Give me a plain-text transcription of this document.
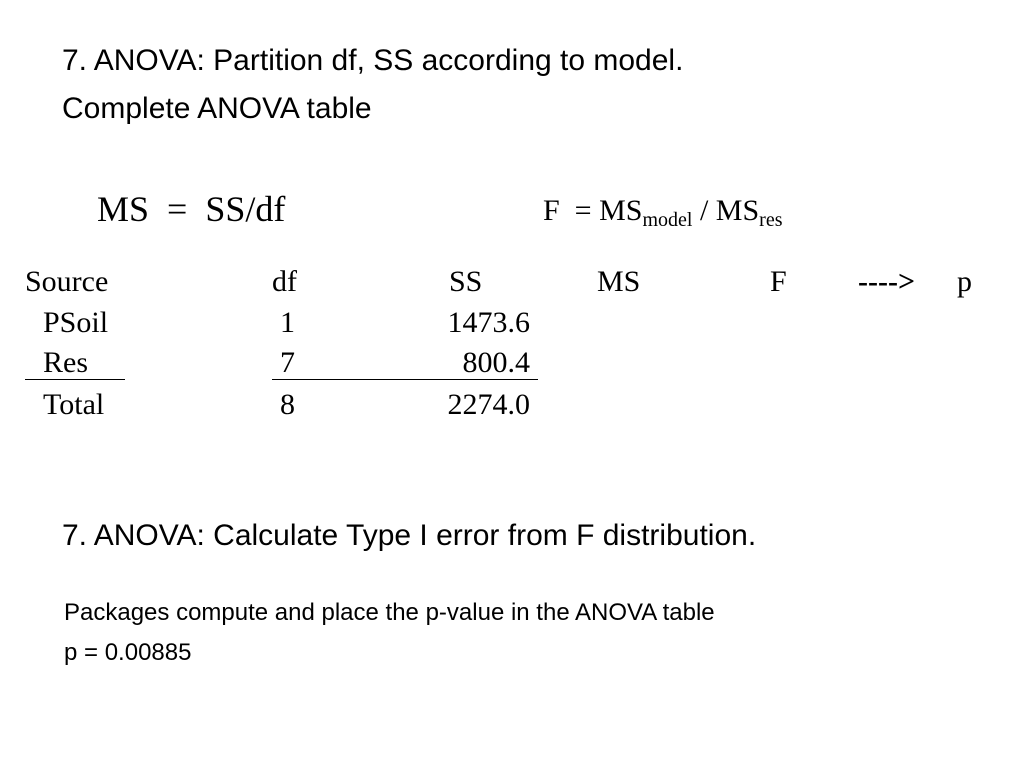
7. ANOVA: Partition df, SS according to model.
Complete ANOVA table
MS  =  SS/df	$F = MS_{model} / MS_{res}$
Source	df	SS	MS	F ----> p
PSoil	1	1473.6
Res	7	800.4
Total	8	2274.0
7. ANOVA: Calculate Type I error from F distribution.
Packages compute and place the p-value in the ANOVA table
p = 0.00885
